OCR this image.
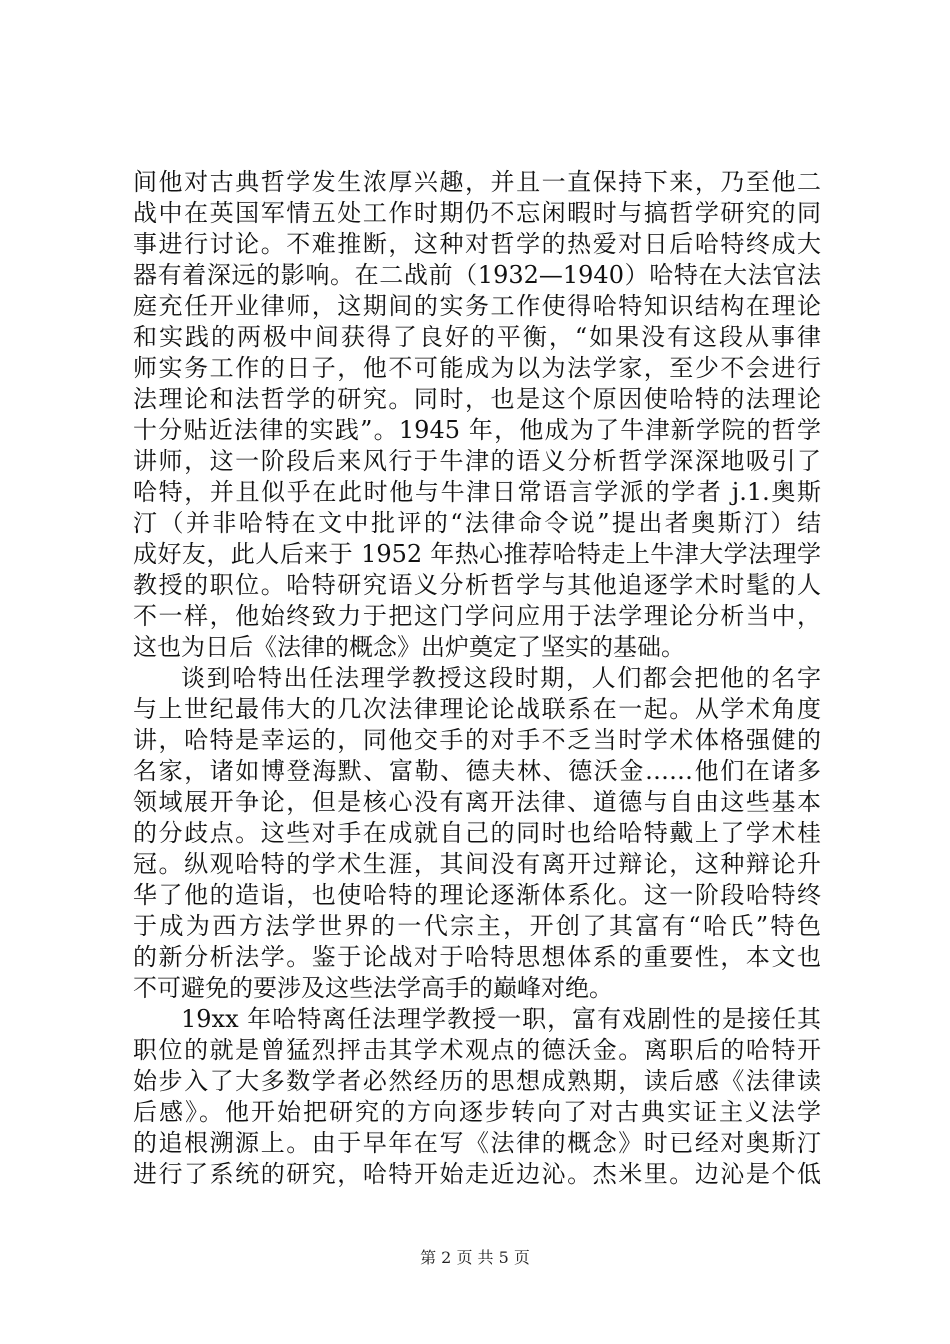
间他对古典哲学发生浓厚兴趣，并且一直保持下来，乃至他二
战中在英国军情五处工作时期仍不忘闲暇时与搞哲学研究的同
事进行讨论。不难推断，这种对哲学的热爱对日后哈特终成大
器有着深远的影响。在二战前（1932—1940）哈特在大法官法
庭充任开业律师，这期间的实务工作使得哈特知识结构在理论
和实践的两极中间获得了良好的平衡，“如果没有这段从事律
师实务工作的日子，他不可能成为以为法学家，至少不会进行
法理论和法哲学的研究。同时，也是这个原因使哈特的法理论
十分贴近法律的实践”。1945 年，他成为了牛津新学院的哲学
讲师，这一阶段后来风行于牛津的语义分析哲学深深地吸引了
哈特，并且似乎在此时他与牛津日常语言学派的学者 j.1.奥斯
汀（并非哈特在文中批评的“法律命令说”提出者奥斯汀）结
成好友，此人后来于 1952 年热心推荐哈特走上牛津大学法理学
教授的职位。哈特研究语义分析哲学与其他追逐学术时髦的人
不一样，他始终致力于把这门学问应用于法学理论分析当中，
这也为日后《法律的概念》出炉奠定了坚实的基础。
谈到哈特出任法理学教授这段时期，人们都会把他的名字
与上世纪最伟大的几次法律理论论战联系在一起。从学术角度
讲，哈特是幸运的，同他交手的对手不乏当时学术体格强健的
名家，诸如博登海默、富勒、德夫林、德沃金……他们在诸多
领域展开争论，但是核心没有离开法律、道德与自由这些基本
的分歧点。这些对手在成就自己的同时也给哈特戴上了学术桂
冠。纵观哈特的学术生涯，其间没有离开过辩论，这种辩论升
华了他的造诣，也使哈特的理论逐渐体系化。这一阶段哈特终
于成为西方法学世界的一代宗主，开创了其富有“哈氏”特色
的新分析法学。鉴于论战对于哈特思想体系的重要性，本文也
不可避免的要涉及这些法学高手的巅峰对绝。
19xx 年哈特离任法理学教授一职，富有戏剧性的是接任其
职位的就是曾猛烈抨击其学术观点的德沃金。离职后的哈特开
始步入了大多数学者必然经历的思想成熟期，读后感《法律读
后感》。他开始把研究的方向逐步转向了对古典实证主义法学
的追根溯源上。由于早年在写《法律的概念》时已经对奥斯汀
进行了系统的研究，哈特开始走近边沁。杰米里。边沁是个低
第 2 页 共 5 页
